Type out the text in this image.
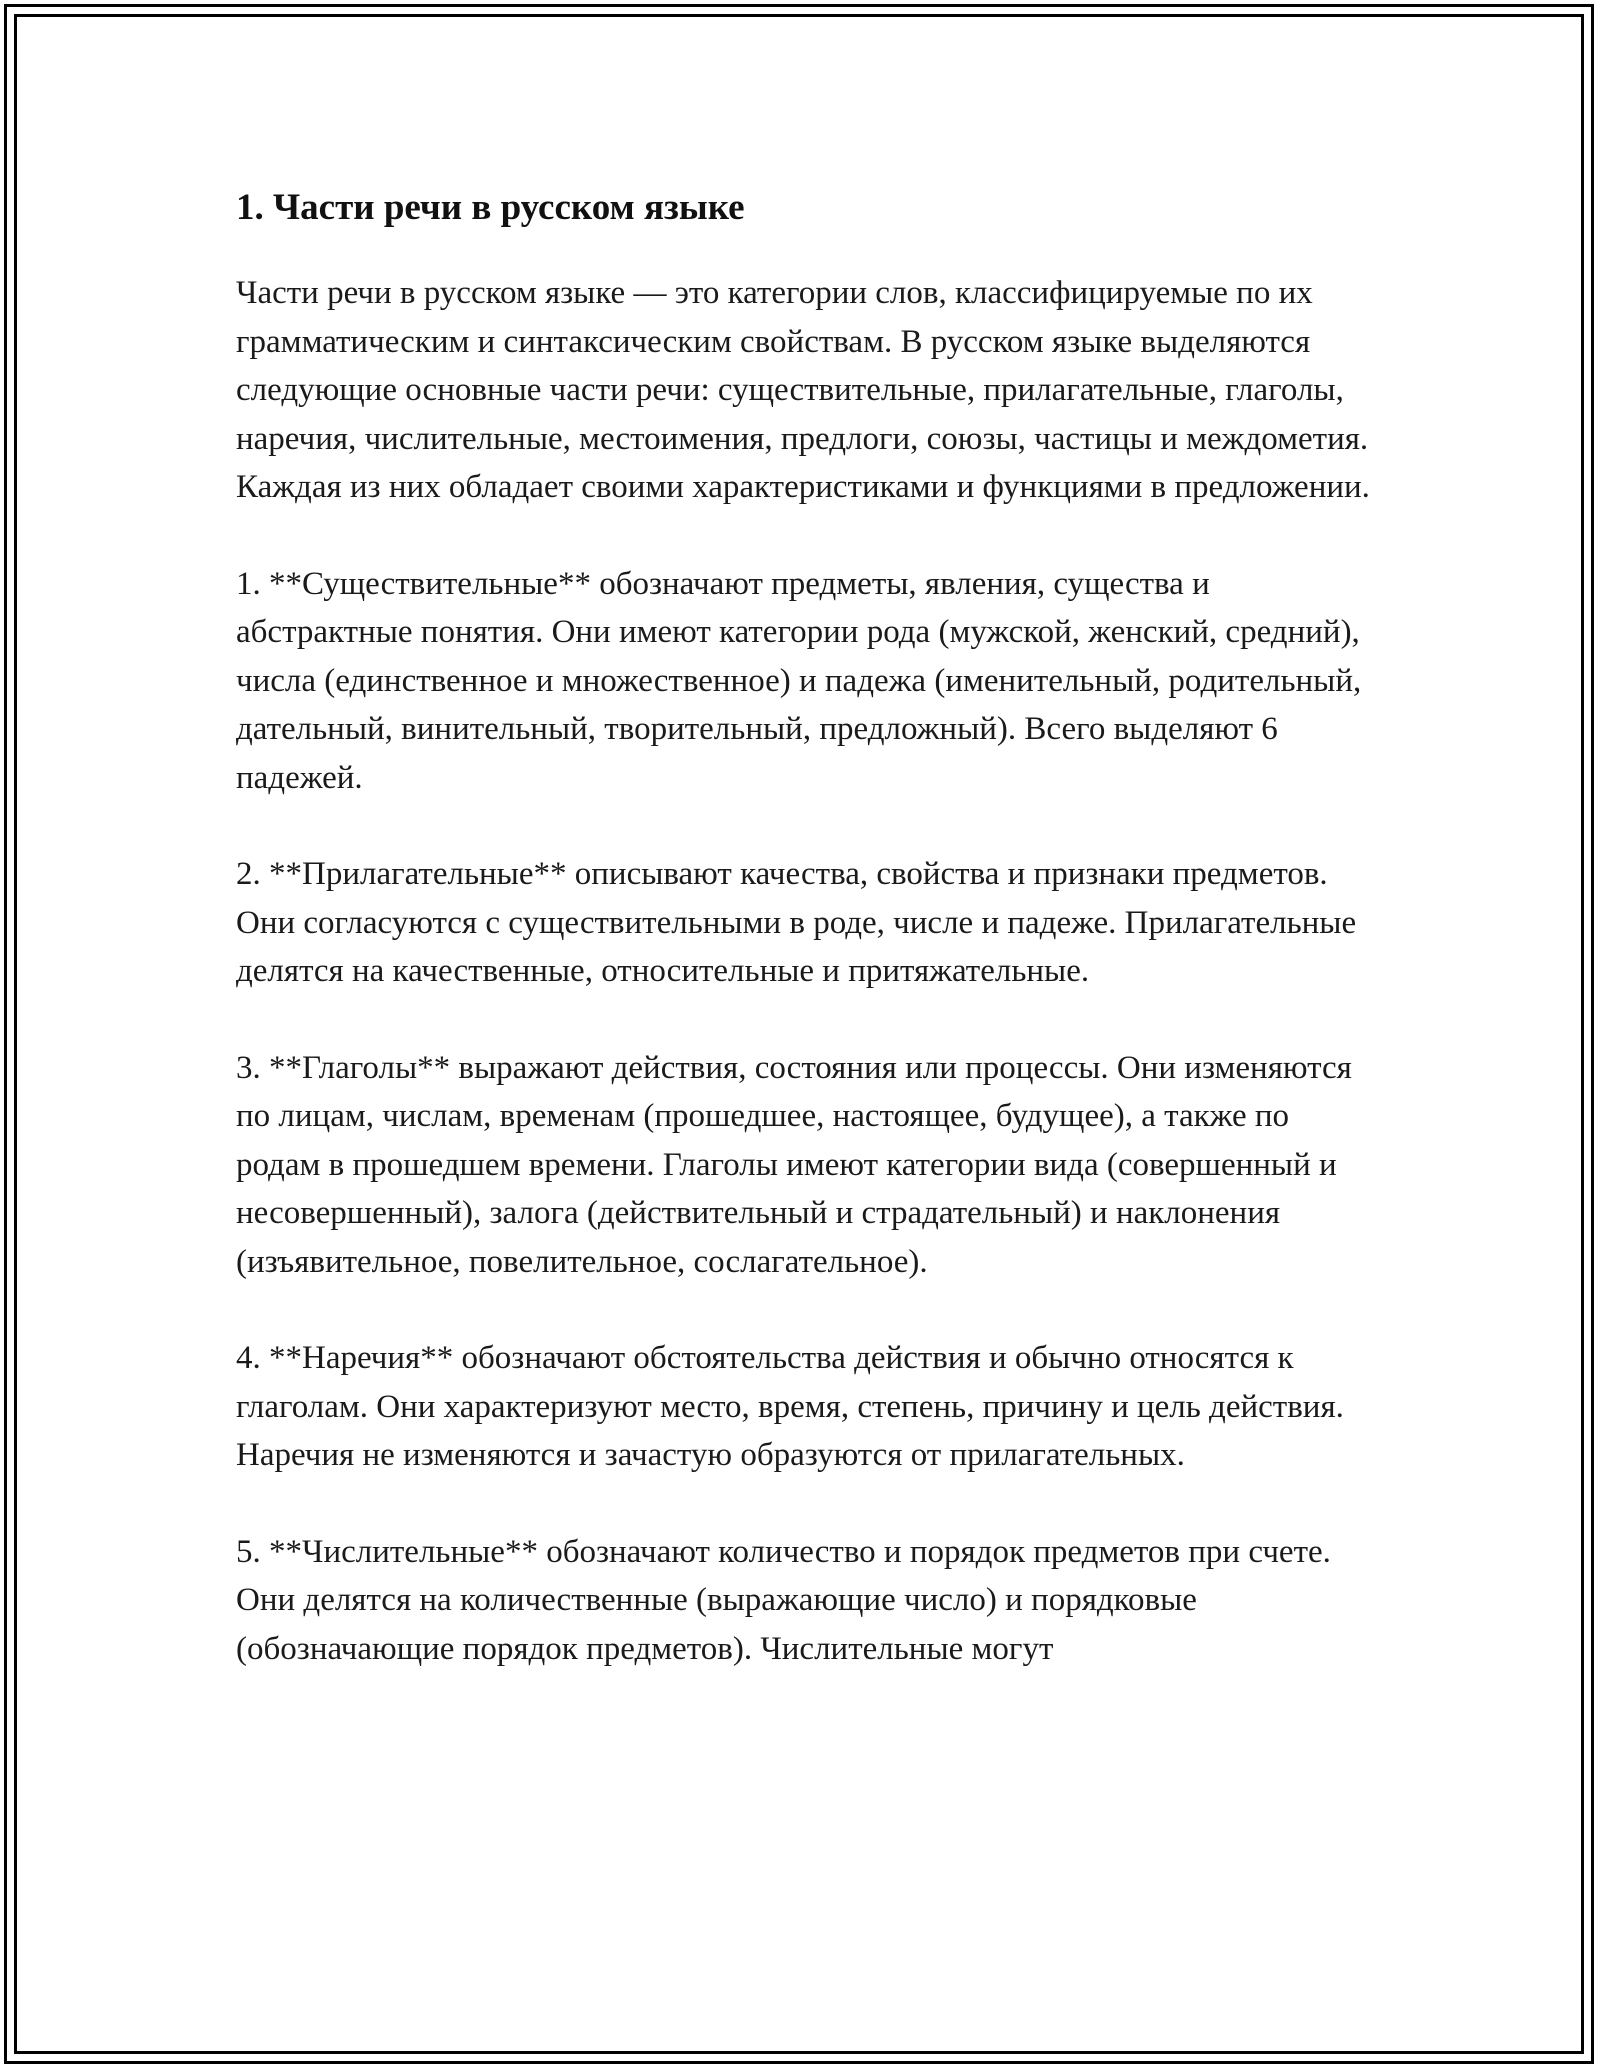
1. Части речи в русском языке

Части речи в русском языке — это категории слов, классифицируемые по их грамматическим и синтаксическим свойствам. В русском языке выделяются следующие основные части речи: существительные, прилагательные, глаголы, наречия, числительные, местоимения, предлоги, союзы, частицы и междометия. Каждая из них обладает своими характеристиками и функциями в предложении.

1. **Существительные** обозначают предметы, явления, существа и абстрактные понятия. Они имеют категории рода (мужской, женский, средний), числа (единственное и множественное) и падежа (именительный, родительный, дательный, винительный, творительный, предложный). Всего выделяют 6 падежей.

2. **Прилагательные** описывают качества, свойства и признаки предметов. Они согласуются с существительными в роде, числе и падеже. Прилагательные делятся на качественные, относительные и притяжательные.

3. **Глаголы** выражают действия, состояния или процессы. Они изменяются по лицам, числам, временам (прошедшее, настоящее, будущее), а также по родам в прошедшем времени. Глаголы имеют категории вида (совершенный и несовершенный), залога (действительный и страдательный) и наклонения (изъявительное, повелительное, сослагательное).

4. **Наречия** обозначают обстоятельства действия и обычно относятся к глаголам. Они характеризуют место, время, степень, причину и цель действия. Наречия не изменяются и зачастую образуются от прилагательных.

5. **Числительные** обозначают количество и порядок предметов при счете. Они делятся на количественные (выражающие число) и порядковые (обозначающие порядок предметов). Числительные могут
